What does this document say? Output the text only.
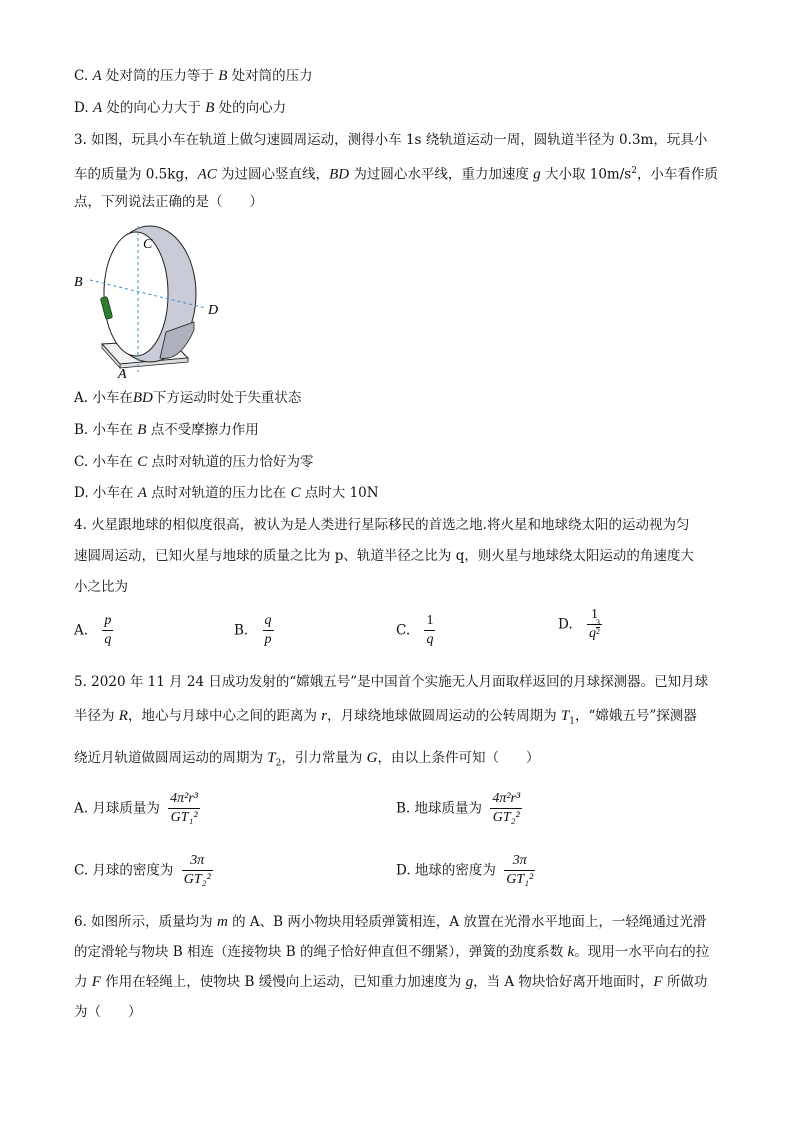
C. A 处对筒的压力等于 B 处对筒的压力
D. A 处的向心力大于 B 处的向心力
3. 如图，玩具小车在轨道上做匀速圆周运动，测得小车 1s 绕轨道运动一周，圆轨道半径为 0.3m，玩具小
车的质量为 0.5kg，AC 为过圆心竖直线，BD 为过圆心水平线，重力加速度 g 大小取 $10m/s^2$，小车看作质
点，下列说法正确的是（　　）
C
B
D
A
A. 小车在BD下方运动时处于失重状态
B. 小车在 B 点不受摩擦力作用
C. 小车在 C 点时对轨道的压力恰好为零
D. 小车在 A 点时对轨道的压力比在 C 点时大 10N
4. 火星跟地球的相似度很高，被认为是人类进行星际移民的首选之地.将火星和地球绕太阳的运动视为匀
速圆周运动，已知火星与地球的质量之比为 p、轨道半径之比为 q，则火星与地球绕太阳运动的角速度大
小之比为
A. $\frac{p}{q}$	B. $\frac{q}{p}$	C. $\frac{1}{q}$	D. $\frac{1}{q \frac{3}{2}}$
5. 2020 年 11 月 24 日成功发射的“嫦娥五号”是中国首个实施无人月面取样返回的月球探测器。已知月球
半径为 R，地心与月球中心之间的距离为 r，月球绕地球做圆周运动的公转周期为 $T_1$，“嫦娥五号”探测器
绕近月轨道做圆周运动的周期为 $T_2$，引力常量为 G，由以上条件可知（　　）
A. 月球质量为 $\frac{\text{4π²r³}}{\text{GT₁²}}$	B. 地球质量为 $\frac{\text{4π²r³}}{\text{GT₂²}}$
C. 月球的密度为 $\frac{3\pi}{\text{GT₂²}}$	D. 地球的密度为 $\frac{3\pi}{\text{GT₁²}}$
6. 如图所示，质量均为 m 的 A、B 两小物块用轻质弹簧相连，A 放置在光滑水平地面上，一轻绳通过光滑
的定滑轮与物块 B 相连（连接物块 B 的绳子恰好伸直但不绷紧），弹簧的劲度系数 k。现用一水平向右的拉
力 F 作用在轻绳上，使物块 B 缓慢向上运动，已知重力加速度为 g，当 A 物块恰好离开地面时，F 所做功
为（　　）
